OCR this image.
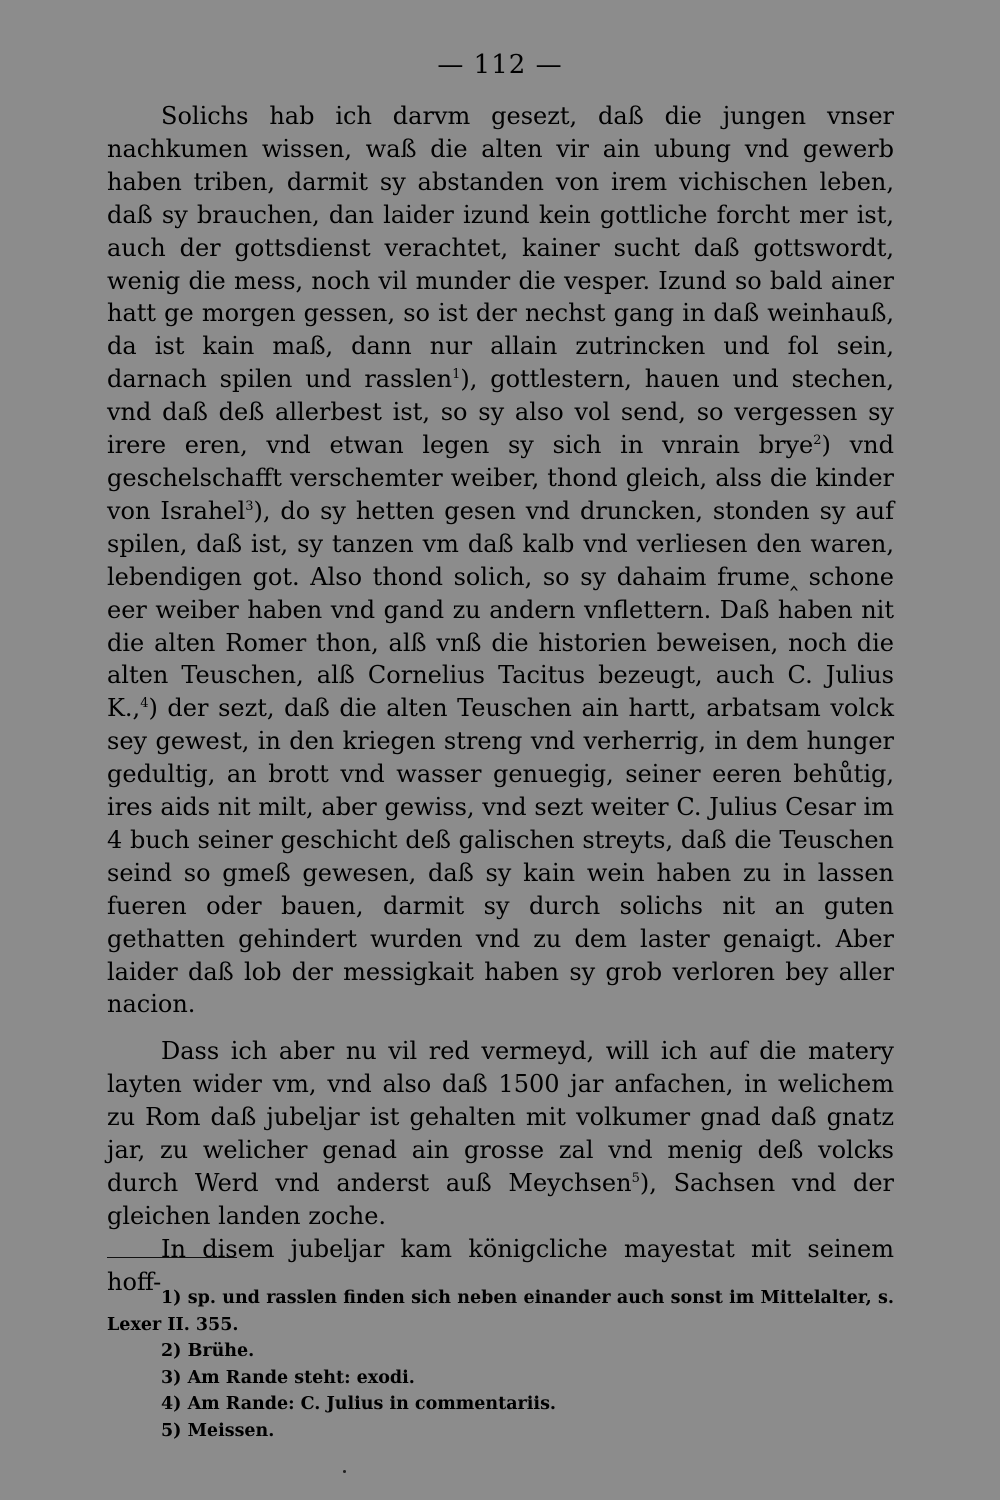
— 112 —

Solichs hab ich darvm gesezt, daß die jungen vnser nachkumen wissen, waß die alten vir ain ubung vnd gewerb haben triben, darmit sy abstanden von irem vichischen leben, daß sy brauchen, dan laider izund kein gottliche forcht mer ist, auch der gottsdienst verachtet, kainer sucht daß gottswordt, wenig die mess, noch vil munder die vesper. Izund so bald ainer hatt ge morgen gessen, so ist der nechst gang in daß weinhauß, da ist kain maß, dann nur allain zutrincken und fol sein, darnach spilen und rasslen$^1$), gottlestern, hauen und stechen, vnd daß deß allerbest ist, so sy also vol send, so vergessen sy irere eren, vnd etwan legen sy sich in vnrain brye$^2$) vnd geschelschafft verschemter weiber, thond gleich, alss die kinder von Israhel$^3$), do sy hetten gesen vnd druncken, stonden sy auf spilen, daß ist, sy tanzen vm daß kalb vnd verliesen den waren, lebendigen got. Also thond solich, so sy dahaim frume‸ schone eer weiber haben vnd gand zu andern vnflettern. Daß haben nit die alten Romer thon, alß vnß die historien beweisen, noch die alten Teuschen, alß Cornelius Tacitus bezeugt, auch C. Julius K.,$^4$) der sezt, daß die alten Teuschen ain hartt, arbatsam volck sey gewest, in den kriegen streng vnd verherrig, in dem hunger gedultig, an brott vnd wasser genuegig, seiner eeren behůtig, ires aids nit milt, aber gewiss, vnd sezt weiter C. Julius Cesar im 4 buch seiner geschicht deß galischen streyts, daß die Teuschen seind so gmeß gewesen, daß sy kain wein haben zu in lassen fueren oder bauen, darmit sy durch solichs nit an guten gethatten gehindert wurden vnd zu dem laster genaigt. Aber laider daß lob der messigkait haben sy grob verloren bey aller nacion.

Dass ich aber nu vil red vermeyd, will ich auf die matery layten wider vm, vnd also daß 1500 jar anfachen, in welichem zu Rom daß jubeljar ist gehalten mit volkumer gnad daß gnatz jar, zu welicher genad ain grosse zal vnd menig deß volcks durch Werd vnd anderst auß Meychsen$^5$), Sachsen vnd der gleichen landen zoche.

In disem jubeljar kam königcliche mayestat mit seinem hoff-

1) sp. und rasslen finden sich neben einander auch sonst im Mittelalter, s. Lexer II. 355.

2) Brühe.

3) Am Rande steht: exodi.

4) Am Rande: C. Julius in commentariis.

5) Meissen.
